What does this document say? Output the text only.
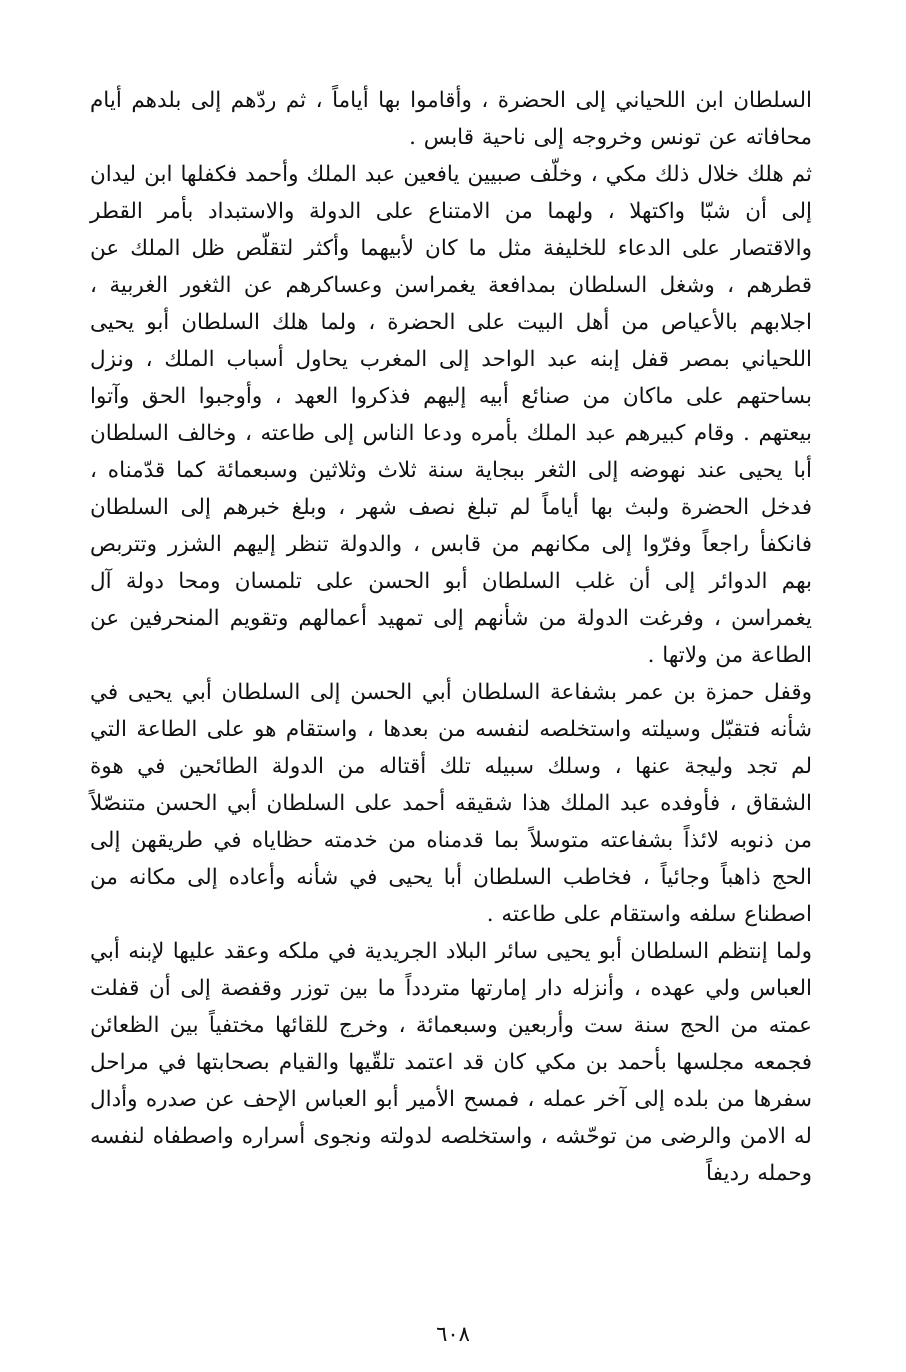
السلطان ابن اللحياني إلى الحضرة ، وأقاموا بها أياماً ، ثم ردّهم إلى بلدهم أيام محافاته عن تونس وخروجه إلى ناحية قابس .

ثم هلك خلال ذلك مكي ، وخلّف صبيين يافعين عبد الملك وأحمد فكفلها ابن ليدان إلى أن شبّا واكتهلا ، ولهما من الامتناع على الدولة والاستبداد بأمر القطر والاقتصار على الدعاء للخليفة مثل ما كان لأبيهما وأكثر لتقلّص ظل الملك عن قطرهم ، وشغل السلطان بمدافعة يغمراسن وعساكرهم عن الثغور الغربية ، اجلابهم بالأعياص من أهل البيت على الحضرة ، ولما هلك السلطان أبو يحيى اللحياني بمصر قفل إبنه عبد الواحد إلى المغرب يحاول أسباب الملك ، ونزل بساحتهم على ماكان من صنائع أبيه إليهم فذكروا العهد ، وأوجبوا الحق وآتوا بيعتهم . وقام كبيرهم عبد الملك بأمره ودعا الناس إلى طاعته ، وخالف السلطان أبا يحيى عند نهوضه إلى الثغر ببجاية سنة ثلاث وثلاثين وسبعمائة كما قدّمناه ، فدخل الحضرة ولبث بها أياماً لم تبلغ نصف شهر ، وبلغ خبرهم إلى السلطان فانكفأ راجعاً وفرّوا إلى مكانهم من قابس ، والدولة تنظر إليهم الشزر وتتربص بهم الدوائر إلى أن غلب السلطان أبو الحسن على تلمسان ومحا دولة آل يغمراسن ، وفرغت الدولة من شأنهم إلى تمهيد أعمالهم وتقويم المنحرفين عن الطاعة من ولاتها .

وقفل حمزة بن عمر بشفاعة السلطان أبي الحسن إلى السلطان أبي يحيى في شأنه فتقبّل وسيلته واستخلصه لنفسه من بعدها ، واستقام هو على الطاعة التي لم تجد وليجة عنها ، وسلك سبيله تلك أقتاله من الدولة الطائحين في هوة الشقاق ، فأوفده عبد الملك هذا شقيقه أحمد على السلطان أبي الحسن متنصّلاً من ذنوبه لائذاً بشفاعته متوسلاً بما قدمناه من خدمته حظاياه في طريقهن إلى الحج ذاهباً وجائياً ، فخاطب السلطان أبا يحيى في شأنه وأعاده إلى مكانه من اصطناع سلفه واستقام على طاعته .

ولما إنتظم السلطان أبو يحيى سائر البلاد الجريدية في ملكه وعقد عليها لإبنه أبي العباس ولي عهده ، وأنزله دار إمارتها متردداً ما بين توزر وقفصة إلى أن قفلت عمته من الحج سنة ست وأربعين وسبعمائة ، وخرج للقائها مختفياً بين الظعائن فجمعه مجلسها بأحمد بن مكي كان قد اعتمد تلقّيها والقيام بصحابتها في مراحل سفرها من بلده إلى آخر عمله ، فمسح الأمير أبو العباس الإحف عن صدره وأدال له الامن والرضى من توحّشه ، واستخلصه لدولته ونجوى أسراره واصطفاه لنفسه وحمله رديفاً

٦٠٨
